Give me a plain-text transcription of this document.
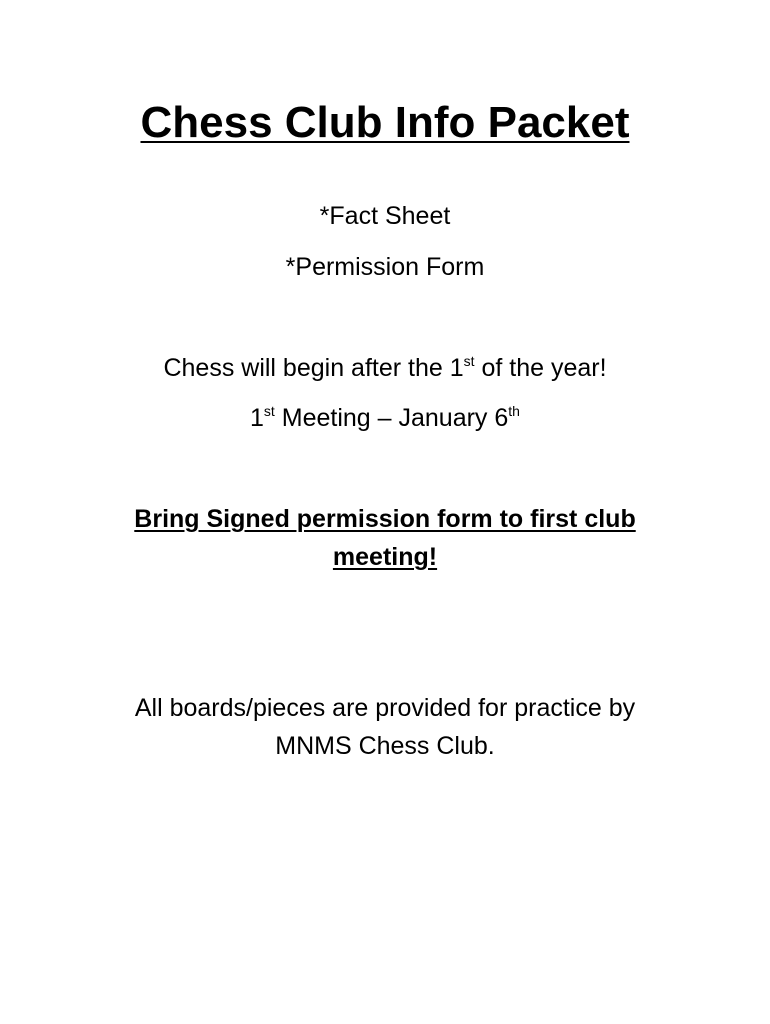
Chess Club Info Packet
*Fact Sheet
*Permission Form
Chess will begin after the 1st of the year!
1st Meeting – January 6th
Bring Signed permission form to first club
meeting!
All boards/pieces are provided for practice by
MNMS Chess Club.
